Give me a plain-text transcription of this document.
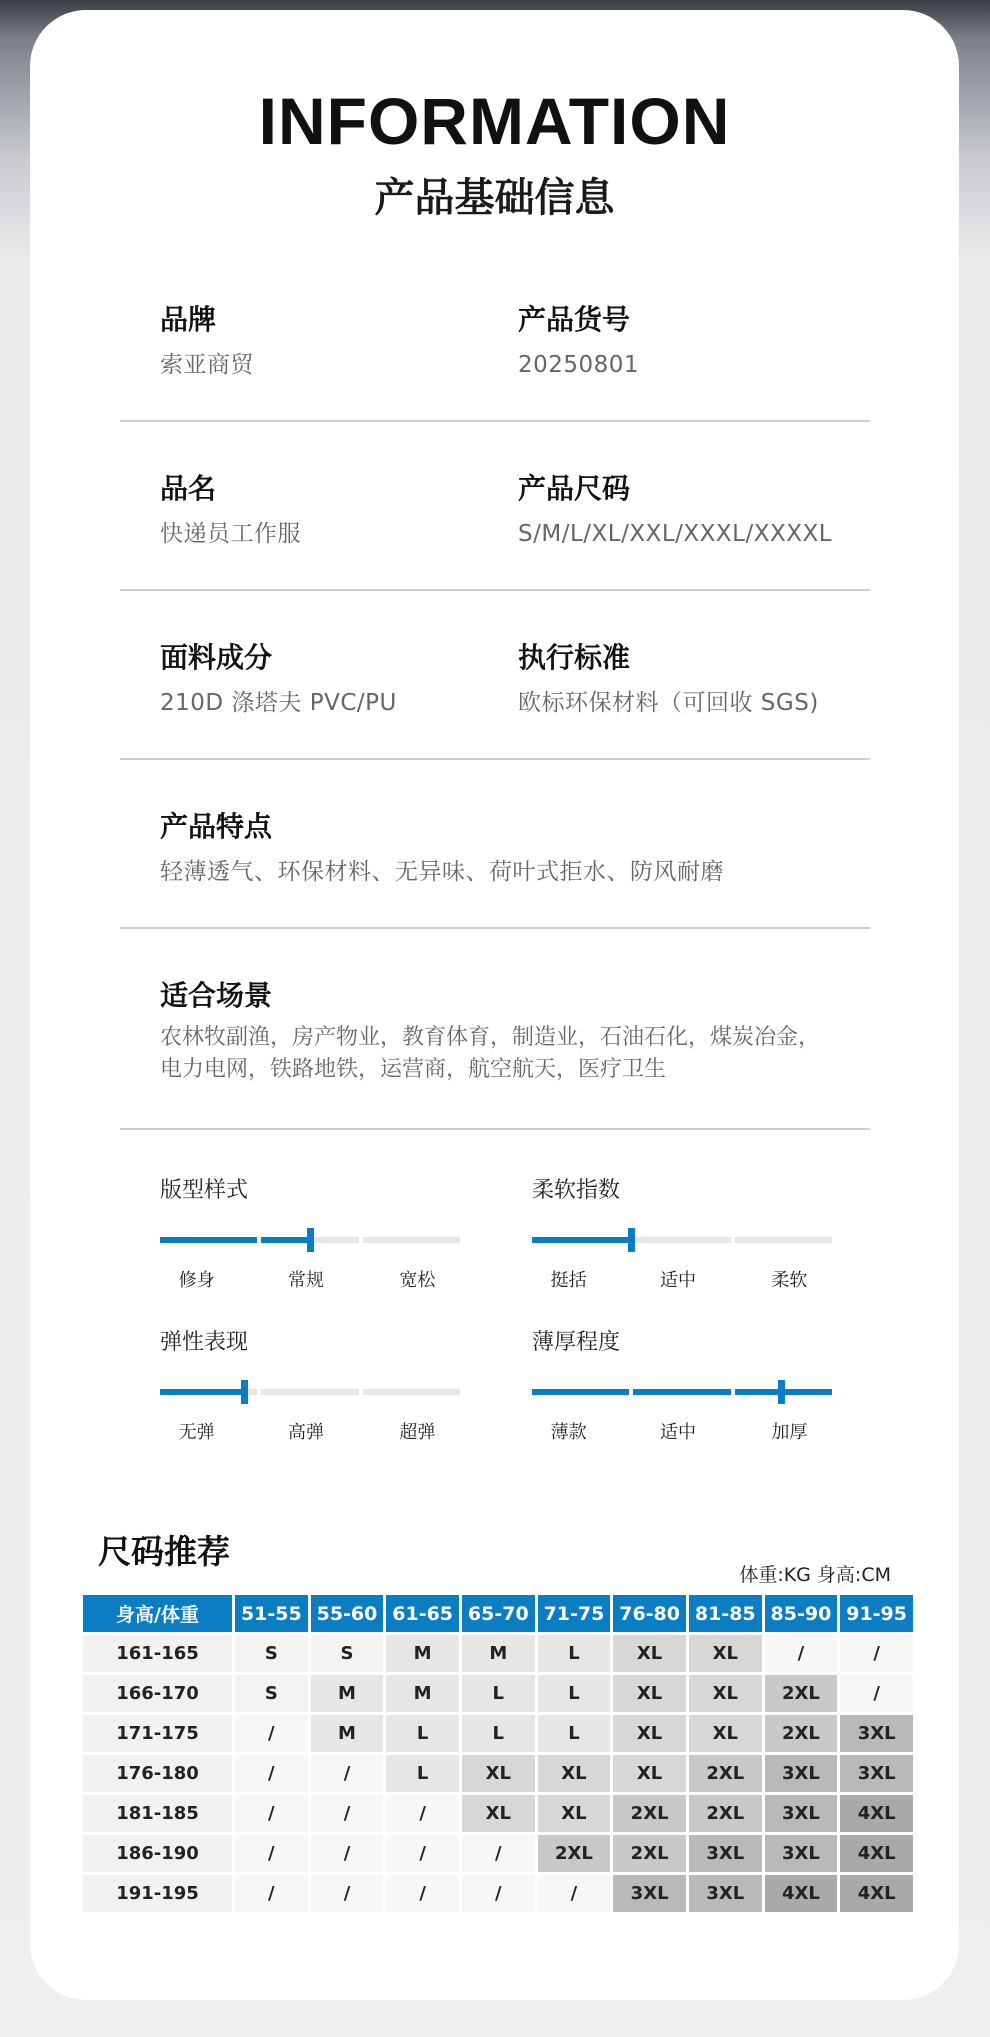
INFORMATION
产品基础信息
品牌
索亚商贸
产品货号
20250801
品名
快递员工作服
产品尺码
S/M/L/XL/XXL/XXXL/XXXXL
面料成分
210D 涤塔夫 PVC/PU
执行标准
欧标环保材料（可回收 SGS)
产品特点
轻薄透气、环保材料、无异味、荷叶式拒水、防风耐磨
适合场景
农林牧副渔，房产物业，教育体育，制造业，石油石化，煤炭冶金，
电力电网，铁路地铁，运营商，航空航天，医疗卫生
版型样式
修身	常规	宽松
柔软指数
挺括	适中	柔软
弹性表现
无弹	高弹	超弹
薄厚程度
薄款	适中	加厚
尺码推荐
体重:KG 身高:CM
身高/体重	51-55	55-60	61-65	65-70	71-75	76-80	81-85	85-90	91-95
161-165	S	S	M	M	L	XL	XL	/	/
166-170	S	M	M	L	L	XL	XL	2XL	/
171-175	/	M	L	L	L	XL	XL	2XL	3XL
176-180	/	/	L	XL	XL	XL	2XL	3XL	3XL
181-185	/	/	/	XL	XL	2XL	2XL	3XL	4XL
186-190	/	/	/	/	2XL	2XL	3XL	3XL	4XL
191-195	/	/	/	/	/	3XL	3XL	4XL	4XL
